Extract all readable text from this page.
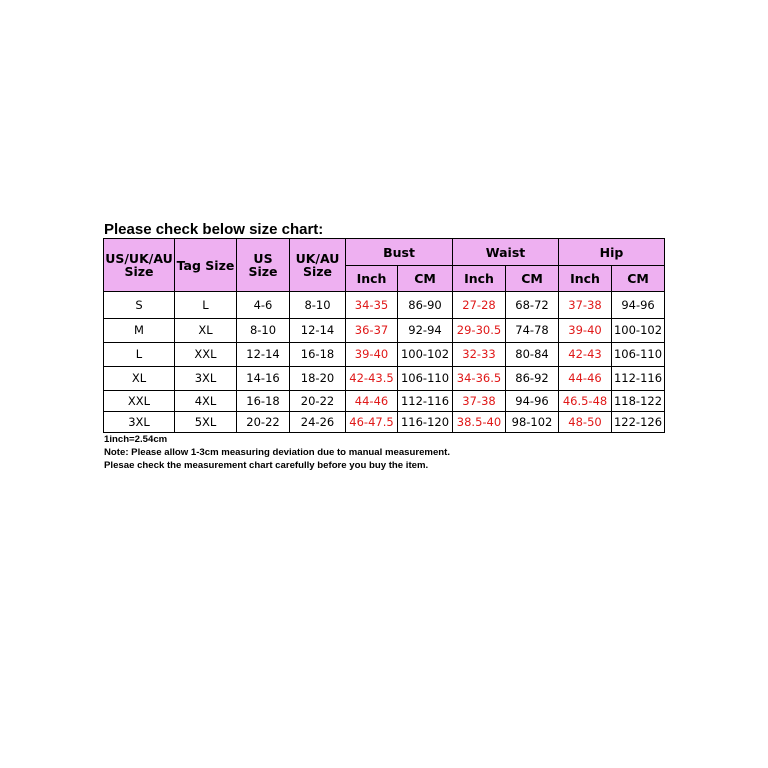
Please check below size chart:
US/UK/AU Size	Tag Size	US Size	UK/AU Size	Bust		Waist		Hip	
				Inch	CM	Inch	CM	Inch	CM
S	L	4-6	8-10	34-35	86-90	27-28	68-72	37-38	94-96
M	XL	8-10	12-14	36-37	92-94	29-30.5	74-78	39-40	100-102
L	XXL	12-14	16-18	39-40	100-102	32-33	80-84	42-43	106-110
XL	3XL	14-16	18-20	42-43.5	106-110	34-36.5	86-92	44-46	112-116
XXL	4XL	16-18	20-22	44-46	112-116	37-38	94-96	46.5-48	118-122
3XL	5XL	20-22	24-26	46-47.5	116-120	38.5-40	98-102	48-50	122-126
1inch=2.54cm
Note: Please allow 1-3cm measuring deviation due to manual measurement.
Plesae check the measurement chart carefully before you buy the item.
